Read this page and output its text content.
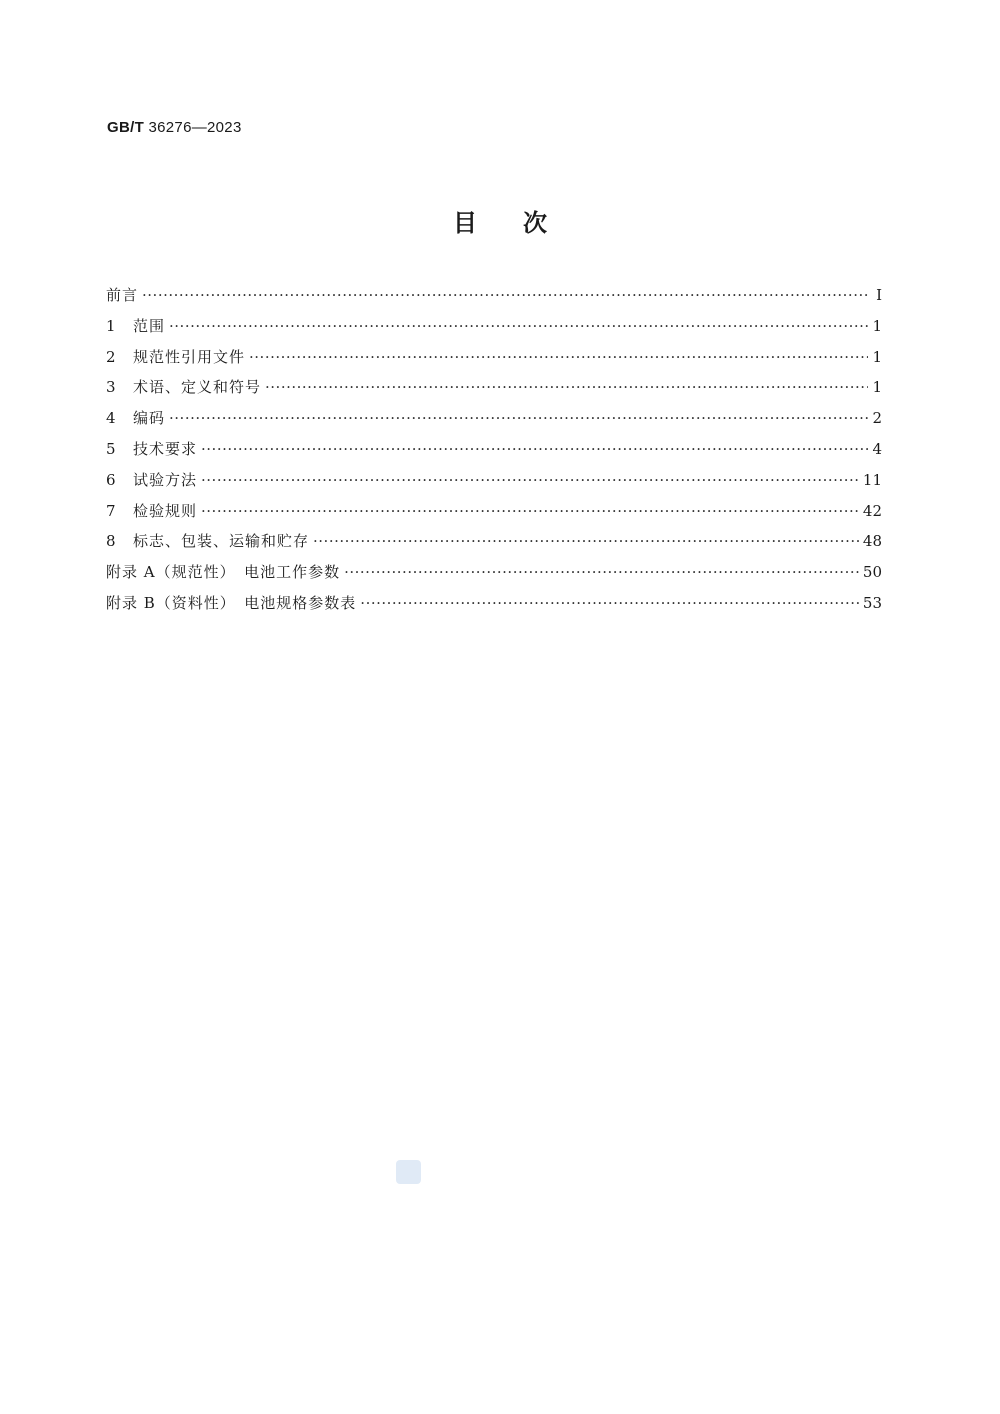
GB/T 36276—2023
目 次
前言 ·····	Ⅰ
1	范围 ·····	1
2	规范性引用文件 ·····	1
3	术语、定义和符号 ·····	1
4	编码 ·····	2
5	技术要求 ·····	4
6	试验方法 ·····	11
7	检验规则 ·····	42
8	标志、包装、运输和贮存 ·····	48
附录 A（规范性）　电池工作参数 ·····	50
附录 B（资料性）　电池规格参数表 ·····	53
